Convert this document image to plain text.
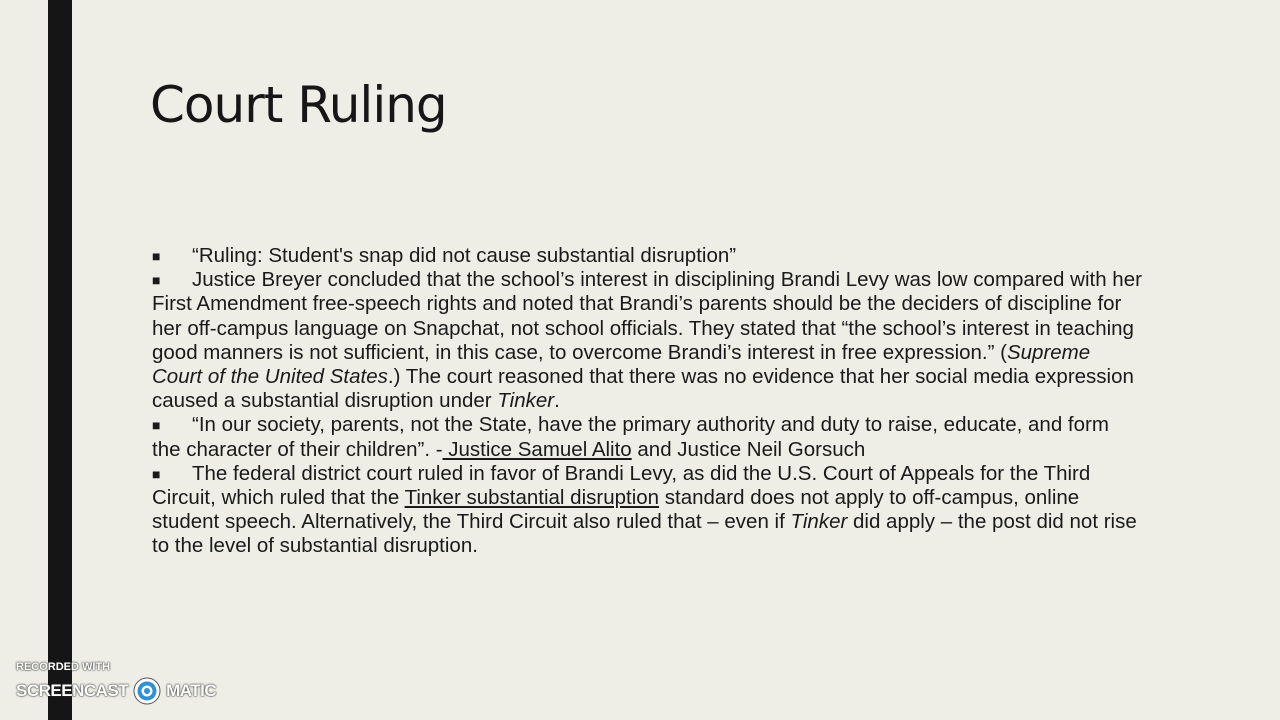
Court Ruling

■ “Ruling: Student's snap did not cause substantial disruption”

■ Justice Breyer concluded that the school’s interest in disciplining Brandi Levy was low compared with her First Amendment free-speech rights and noted that Brandi’s parents should be the deciders of discipline for her off-campus language on Snapchat, not school officials. They stated that “the school’s interest in teaching good manners is not sufficient, in this case, to overcome Brandi’s interest in free expression.” (Supreme Court of the United States.) The court reasoned that there was no evidence that her social media expression caused a substantial disruption under Tinker.

■ “In our society, parents, not the State, have the primary authority and duty to raise, educate, and form the character of their children”. - Justice Samuel Alito and Justice Neil Gorsuch

■ The federal district court ruled in favor of Brandi Levy, as did the U.S. Court of Appeals for the Third Circuit, which ruled that the Tinker substantial disruption standard does not apply to off-campus, online student speech. Alternatively, the Third Circuit also ruled that – even if Tinker did apply – the post did not rise to the level of substantial disruption.

RECORDED WITH
SCREENCAST MATIC
